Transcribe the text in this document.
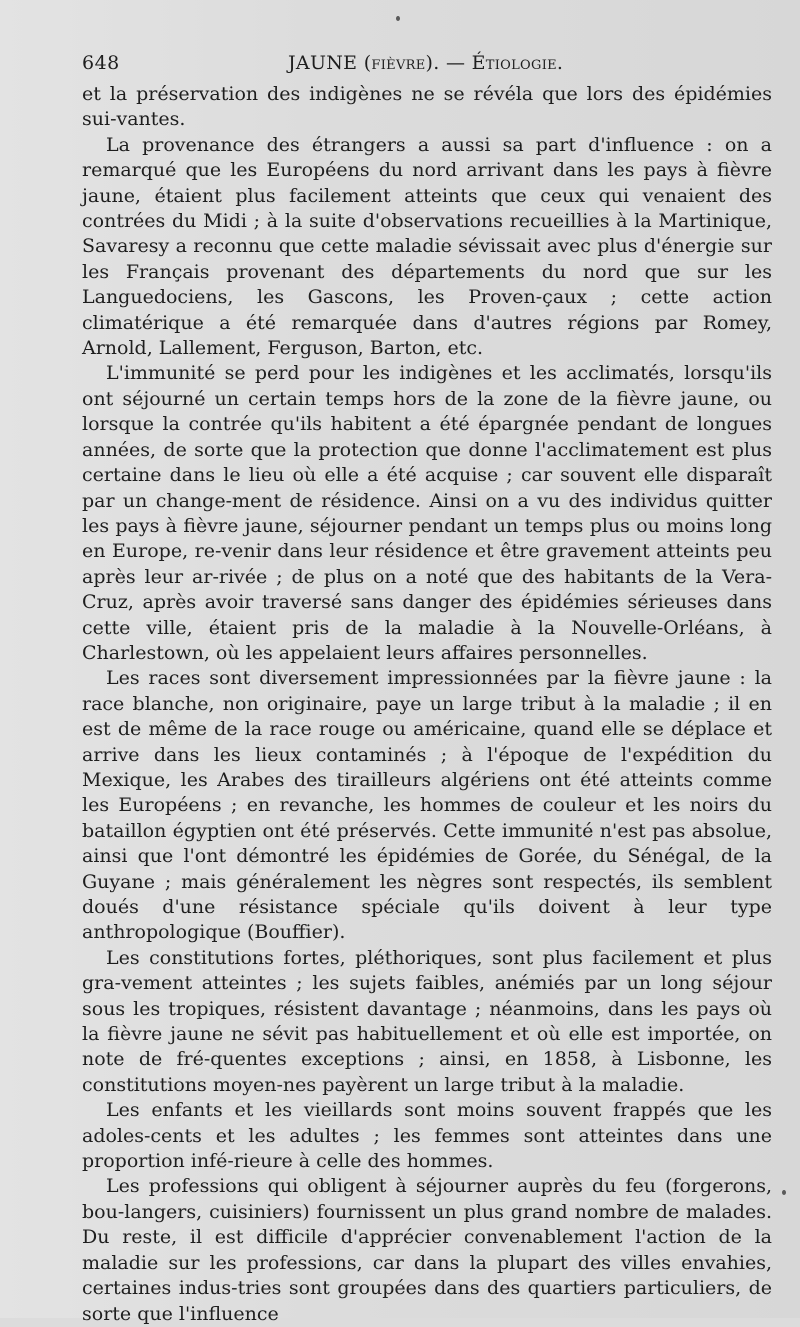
648	JAUNE (fièvre). — Étiologie.

et la préservation des indigènes ne se révéla que lors des épidémies sui-vantes.

La provenance des étrangers a aussi sa part d'influence : on a remarqué que les Européens du nord arrivant dans les pays à fièvre jaune, étaient plus facilement atteints que ceux qui venaient des contrées du Midi ; à la suite d'observations recueillies à la Martinique, Savaresy a reconnu que cette maladie sévissait avec plus d'énergie sur les Français provenant des départements du nord que sur les Languedociens, les Gascons, les Proven-çaux ; cette action climatérique a été remarquée dans d'autres régions par Romey, Arnold, Lallement, Ferguson, Barton, etc.

L'immunité se perd pour les indigènes et les acclimatés, lorsqu'ils ont séjourné un certain temps hors de la zone de la fièvre jaune, ou lorsque la contrée qu'ils habitent a été épargnée pendant de longues années, de sorte que la protection que donne l'acclimatement est plus certaine dans le lieu où elle a été acquise ; car souvent elle disparaît par un change-ment de résidence. Ainsi on a vu des individus quitter les pays à fièvre jaune, séjourner pendant un temps plus ou moins long en Europe, re-venir dans leur résidence et être gravement atteints peu après leur ar-rivée ; de plus on a noté que des habitants de la Vera-Cruz, après avoir traversé sans danger des épidémies sérieuses dans cette ville, étaient pris de la maladie à la Nouvelle-Orléans, à Charlestown, où les appelaient leurs affaires personnelles.

Les races sont diversement impressionnées par la fièvre jaune : la race blanche, non originaire, paye un large tribut à la maladie ; il en est de même de la race rouge ou américaine, quand elle se déplace et arrive dans les lieux contaminés ; à l'époque de l'expédition du Mexique, les Arabes des tirailleurs algériens ont été atteints comme les Européens ; en revanche, les hommes de couleur et les noirs du bataillon égyptien ont été préservés. Cette immunité n'est pas absolue, ainsi que l'ont démontré les épidémies de Gorée, du Sénégal, de la Guyane ; mais généralement les nègres sont respectés, ils semblent doués d'une résistance spéciale qu'ils doivent à leur type anthropologique (Bouffier).

Les constitutions fortes, pléthoriques, sont plus facilement et plus gra-vement atteintes ; les sujets faibles, anémiés par un long séjour sous les tropiques, résistent davantage ; néanmoins, dans les pays où la fièvre jaune ne sévit pas habituellement et où elle est importée, on note de fré-quentes exceptions ; ainsi, en 1858, à Lisbonne, les constitutions moyen-nes payèrent un large tribut à la maladie.

Les enfants et les vieillards sont moins souvent frappés que les adoles-cents et les adultes ; les femmes sont atteintes dans une proportion infé-rieure à celle des hommes.

Les professions qui obligent à séjourner auprès du feu (forgerons, bou-langers, cuisiniers) fournissent un plus grand nombre de malades. Du reste, il est difficile d'apprécier convenablement l'action de la maladie sur les professions, car dans la plupart des villes envahies, certaines indus-tries sont groupées dans des quartiers particuliers, de sorte que l'influence
